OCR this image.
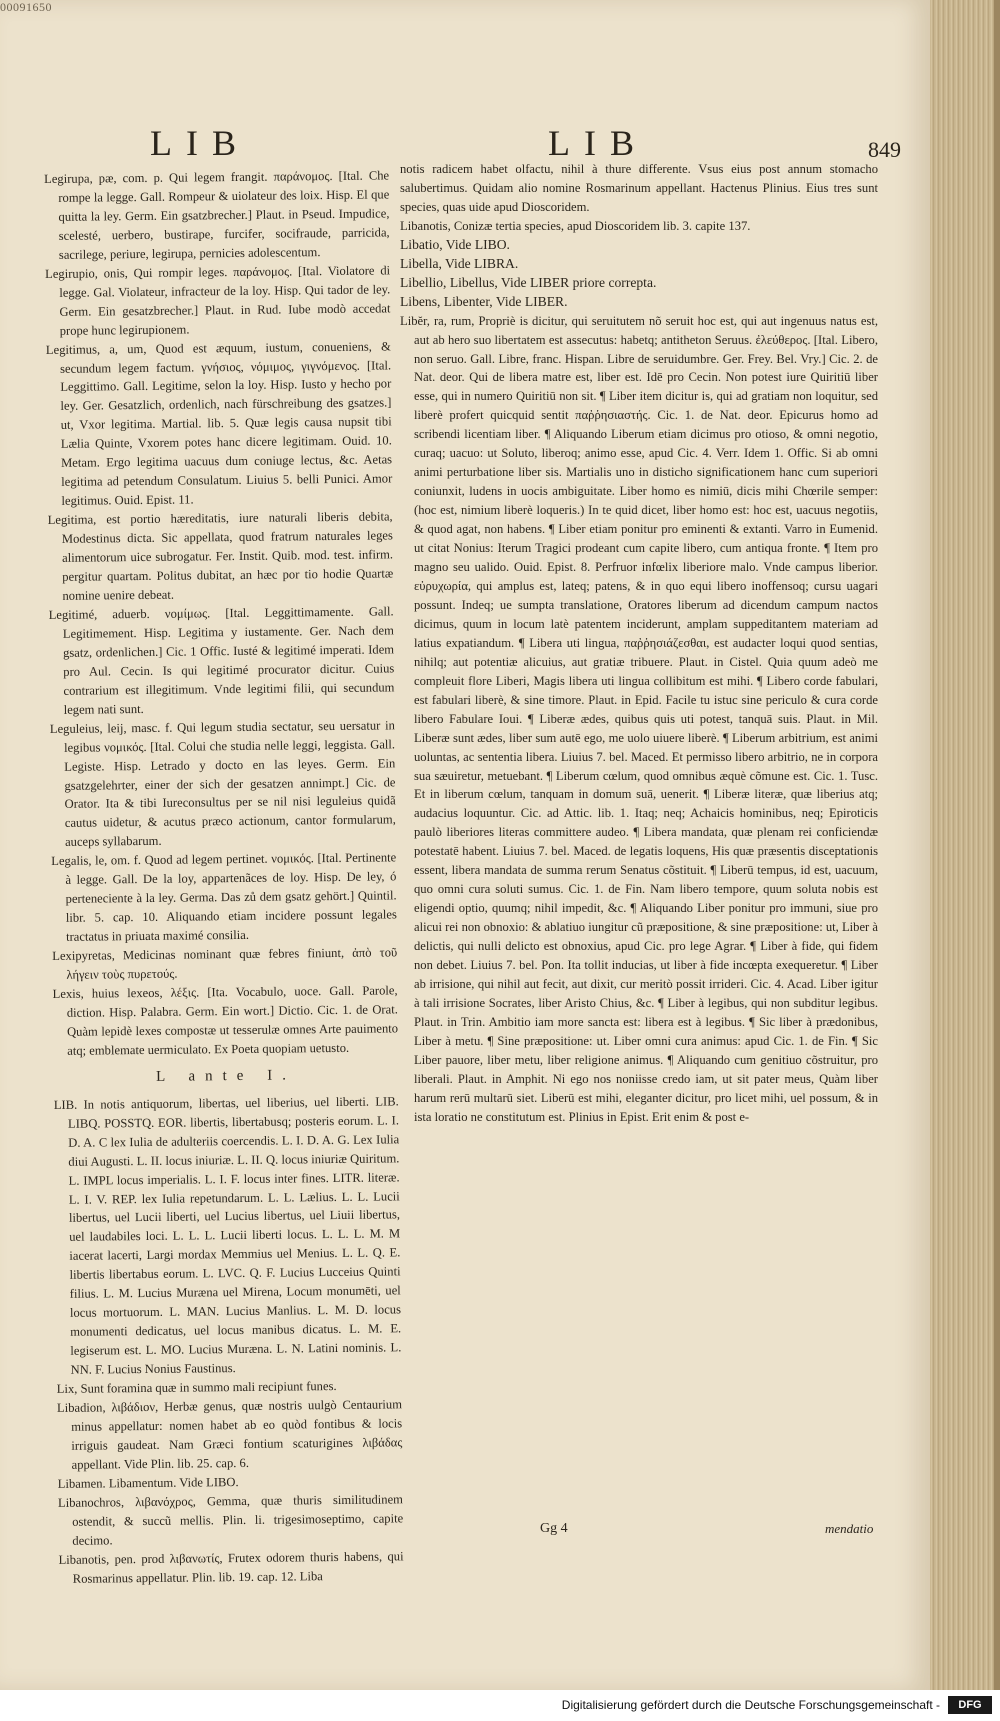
00091650
LIB	LIB	849

Legirupa, pæ, com. p. Qui legem frangit. παράνομος. [Ital. Che rompe la legge. Gall. Rompeur & uiolateur des loix. Hisp. El que quitta la ley. Germ. Ein gsatzbrecher.] Plaut. in Pseud. Impudice, scelesté, uerbero, bustirape, furcifer, socifraude, parricida, sacrilege, periure, legirupa, pernicies adolescentum.

Legirupio, onis, Qui rompir leges. παράνομος. [Ital. Violatore di legge. Gal. Violateur, infracteur de la loy. Hisp. Qui tador de ley. Germ. Ein gesatzbrecher.] Plaut. in Rud. Iube modò accedat prope hunc legirupionem.

Legitimus, a, um, Quod est æquum, iustum, conueniens, & secundum legem factum. γνήσιος, νόμιμος, γιγνόμενος. [Ital. Leggittimo. Gall. Legitime, selon la loy. Hisp. Iusto y hecho por ley. Ger. Gesatzlich, ordenlich, nach fürschreibung des gsatzes.] ut, Vxor legitima. Martial. lib. 5. Quæ legis causa nupsit tibi Lælia Quinte, Vxorem potes hanc dicere legitimam. Ouid. 10. Metam. Ergo legitima uacuus dum coniuge lectus, &c. Aetas legitima ad petendum Consulatum. Liuius 5. belli Punici. Amor legitimus. Ouid. Epist. 11.

Legitima, est portio hæreditatis, iure naturali liberis debita, Modestinus dicta. Sic appellata, quod fratrum naturales leges alimentorum uice subrogatur. Fer. Instit. Quib. mod. test. infirm. pergitur quartam. Politus dubitat, an hæc por tio hodie Quartæ nomine uenire debeat.

Legitimé, aduerb. νομίμως. [Ital. Leggittimamente. Gall. Legitimement. Hisp. Legitima y iustamente. Ger. Nach dem gsatz, ordenlichen.] Cic. 1 Offic. Iusté & legitimé imperati. Idem pro Aul. Cecin. Is qui legitimé procurator dicitur. Cuius contrarium est illegitimum. Vnde legitimi filii, qui secundum legem nati sunt.

Leguleius, leij, masc. f. Qui legum studia sectatur, seu uersatur in legibus νομικός. [Ital. Colui che studia nelle leggi, leggista. Gall. Legiste. Hisp. Letrado y docto en las leyes. Germ. Ein gsatzgelehrter, einer der sich der gesatzen annimpt.] Cic. de Orator. Ita & tibi Iureconsultus per se nil nisi leguleius quidã cautus uidetur, & acutus præco actionum, cantor formularum, auceps syllabarum.

Legalis, le, om. f. Quod ad legem pertinet. νομικός. [Ital. Pertinente à legge. Gall. De la loy, appartenãces de loy. Hisp. De ley, ó perteneciente à la ley. Germa. Das zů dem gsatz gehört.] Quintil. libr. 5. cap. 10. Aliquando etiam incidere possunt legales tractatus in priuata maximé consilia.

Lexipyretas, Medicinas nominant quæ febres finiunt, ἀπὸ τοῦ λήγειν τοὺς πυρετούς.

Lexis, huius lexeos, λέξις. [Ita. Vocabulo, uoce. Gall. Parole, diction. Hisp. Palabra. Germ. Ein wort.] Dictio. Cic. 1. de Orat. Quàm lepidè lexes compostæ ut tesserulæ omnes Arte pauimento atq; emblemate uermiculato. Ex Poeta quopiam uetusto.

L ante I.

LIB. In notis antiquorum, libertas, uel liberius, uel liberti. LIB. LIBQ. POSSTQ. EOR. libertis, libertabusq; posteris eorum. L. I. D. A. C lex Iulia de adulteriis coercendis. L. I. D. A. G. Lex Iulia diui Augusti. L. II. locus iniuriæ. L. II. Q. locus iniuriæ Quiritum. L. IMPL locus imperialis. L. I. F. locus inter fines. LITR. literæ. L. I. V. REP. lex Iulia repetundarum. L. L. Lælius. L. L. Lucii libertus, uel Lucii liberti, uel Lucius libertus, uel Liuii libertus, uel laudabiles loci. L. L. L. Lucii liberti locus. L. L. L. M. M iacerat lacerti, Largi mordax Memmius uel Menius. L. L. Q. E. libertis libertabus eorum. L. LVC. Q. F. Lucius Lucceius Quinti filius. L. M. Lucius Muræna uel Mirena, Locum monumēti, uel locus mortuorum. L. MAN. Lucius Manlius. L. M. D. locus monumenti dedicatus, uel locus manibus dicatus. L. M. E. legiserum est. L. MO. Lucius Muræna. L. N. Latini nominis. L. NN. F. Lucius Nonius Faustinus.

Lix, Sunt foramina quæ in summo mali recipiunt funes.

Libadion, λιβάδιον, Herbæ genus, quæ nostris uulgò Centaurium minus appellatur: nomen habet ab eo quòd fontibus & locis irriguis gaudeat. Nam Græci fontium scaturigines λιβάδας appellant. Vide Plin. lib. 25. cap. 6.

Libamen. Libamentum. Vide LIBO.

Libanochros, λιβανόχρος, Gemma, quæ thuris similitudinem ostendit, & succũ mellis. Plin. li. trigesimoseptimo, capite decimo.

Libanotis, pen. prod λιβανωτίς, Frutex odorem thuris habens, qui Rosmarinus appellatur. Plin. lib. 19. cap. 12. Liba

notis radicem habet olfactu, nihil à thure differente. Vsus eius post annum stomacho salubertimus. Quidam alio nomine Rosmarinum appellant. Hactenus Plinius. Eius tres sunt species, quas uide apud Dioscoridem.

Libanotis, Conizæ tertia species, apud Dioscoridem lib. 3. capite 137.

Libatio, Vide LIBO.

Libella, Vide LIBRA.

Libellio, Libellus, Vide LIBER priore correpta.

Libens, Libenter, Vide LIBER.

Libĕr, ra, rum, Propriè is dicitur, qui seruitutem nõ seruit hoc est, qui aut ingenuus natus est, aut ab hero suo libertatem est assecutus: habetq; antitheton Seruus. ἐλεύθερος. [Ital. Libero, non seruo. Gall. Libre, franc. Hispan. Libre de seruidumbre. Ger. Frey. Bel. Vry.] Cic. 2. de Nat. deor. Qui de libera matre est, liber est. Idē pro Cecin. Non potest iure Quiritiū liber esse, qui in numero Quiritiū non sit. ¶ Liber item dicitur is, qui ad gratiam non loquitur, sed liberè profert quicquid sentit παῤῥησιαστής. Cic. 1. de Nat. deor. Epicurus homo ad scribendi licentiam liber. ¶ Aliquando Liberum etiam dicimus pro otioso, & omni negotio, curaq; uacuo: ut Soluto, liberoq; animo esse, apud Cic. 4. Verr. Idem 1. Offic. Si ab omni animi perturbatione liber sis. Martialis uno in disticho significationem hanc cum superiori coniunxit, ludens in uocis ambiguitate. Liber homo es nimiū, dicis mihi Chœrile semper: (hoc est, nimium liberè loqueris.) In te quid dicet, liber homo est: hoc est, uacuus negotiis, & quod agat, non habens. ¶ Liber etiam ponitur pro eminenti & extanti. Varro in Eumenid. ut citat Nonius: Iterum Tragici prodeant cum capite libero, cum antiqua fronte. ¶ Item pro magno seu ualido. Ouid. Epist. 8. Perfruor infœlix liberiore malo. Vnde campus liberior. εὐρυχωρία, qui amplus est, lateq; patens, & in quo equi libero inoffensoq; cursu uagari possunt. Indeq; ue sumpta translatione, Oratores liberum ad dicendum campum nactos dicimus, quum in locum latè patentem inciderunt, amplam suppeditantem materiam ad latius expatiandum. ¶ Libera uti lingua, παῤῥησιάζεσθαι, est audacter loqui quod sentias, nihilq; aut potentiæ alicuius, aut gratiæ tribuere. Plaut. in Cistel. Quia quum adeò me compleuit flore Liberi, Magis libera uti lingua collibitum est mihi. ¶ Libero corde fabulari, est fabulari liberè, & sine timore. Plaut. in Epid. Facile tu istuc sine periculo & cura corde libero Fabulare Ioui. ¶ Liberæ ædes, quibus quis uti potest, tanquā suis. Plaut. in Mil. Liberæ sunt ædes, liber sum autē ego, me uolo uiuere liberè. ¶ Liberum arbitrium, est animi uoluntas, ac sententia libera. Liuius 7. bel. Maced. Et permisso libero arbitrio, ne in corpora sua sæuiretur, metuebant. ¶ Liberum cœlum, quod omnibus æquè cõmune est. Cic. 1. Tusc. Et in liberum cœlum, tanquam in domum suā, uenerit. ¶ Liberæ literæ, quæ liberius atq; audacius loquuntur. Cic. ad Attic. lib. 1. Itaq; neq; Achaicis hominibus, neq; Epiroticis paulò liberiores literas committere audeo. ¶ Libera mandata, quæ plenam rei conficiendæ potestatē habent. Liuius 7. bel. Maced. de legatis loquens, His quæ præsentis disceptationis essent, libera mandata de summa rerum Senatus cõstituit. ¶ Liberū tempus, id est, uacuum, quo omni cura soluti sumus. Cic. 1. de Fin. Nam libero tempore, quum soluta nobis est eligendi optio, quumq; nihil impedit, &c. ¶ Aliquando Liber ponitur pro immuni, siue pro alicui rei non obnoxio: & ablatiuo iungitur cũ præpositione, & sine præpositione: ut, Liber à delictis, qui nulli delicto est obnoxius, apud Cic. pro lege Agrar. ¶ Liber à fide, qui fidem non debet. Liuius 7. bel. Pon. Ita tollit inducias, ut liber à fide incœpta exequeretur. ¶ Liber ab irrisione, qui nihil aut fecit, aut dixit, cur meritò possit irrideri. Cic. 4. Acad. Liber igitur à tali irrisione Socrates, liber Aristo Chius, &c. ¶ Liber à legibus, qui non subditur legibus. Plaut. in Trin. Ambitio iam more sancta est: libera est à legibus. ¶ Sic liber à prædonibus, Liber à metu. ¶ Sine præpositione: ut. Liber omni cura animus: apud Cic. 1. de Fin. ¶ Sic Liber pauore, liber metu, liber religione animus. ¶ Aliquando cum genitiuo cõstruitur, pro liberali. Plaut. in Amphit. Ni ego nos noniisse credo iam, ut sit pater meus, Quàm liber harum rerū multarū siet. Liberū est mihi, eleganter dicitur, pro licet mihi, uel possum, & in ista loratio ne constitutum est. Plinius in Epist. Erit enim & post e-

Gg 4	mendatio
Digitalisierung gefördert durch die Deutsche Forschungsgemeinschaft -	DFG
